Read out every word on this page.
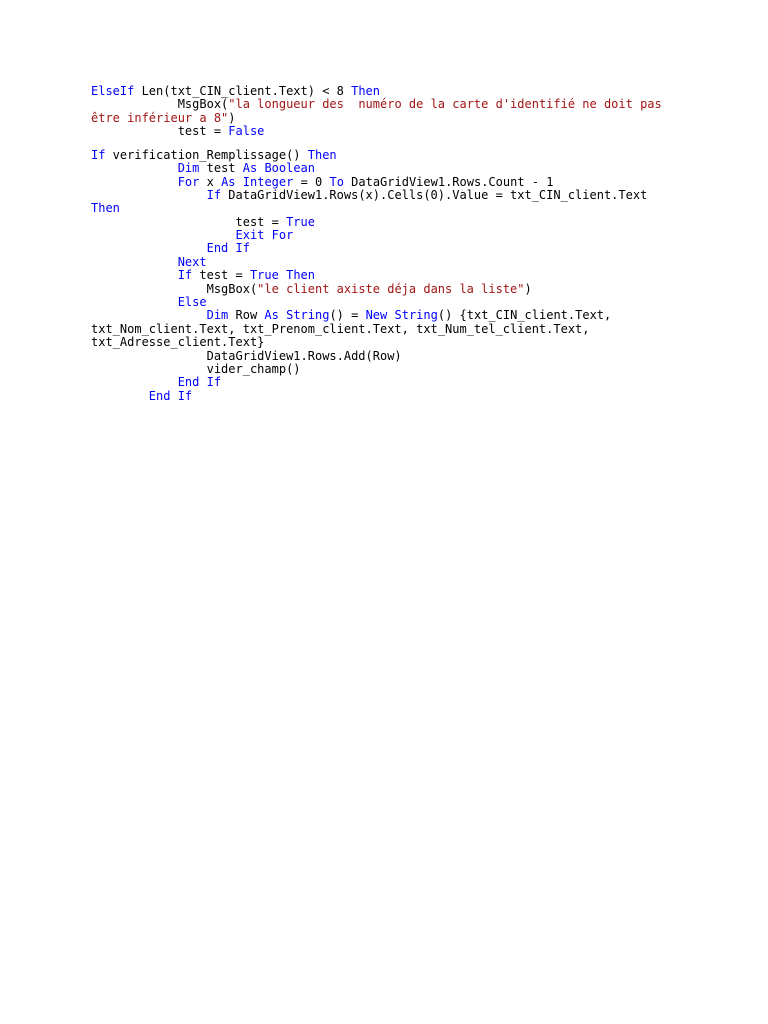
ElseIf Len(txt_CIN_client.Text) < 8 Then
MsgBox("la longueur des  numéro de la carte d'identifié ne doit pas
être inférieur a 8")
test = False
If verification_Remplissage() Then
Dim test As Boolean
For x As Integer = 0 To DataGridView1.Rows.Count - 1
If DataGridView1.Rows(x).Cells(0).Value = txt_CIN_client.Text
Then
test = True
Exit For
End If
Next
If test = True Then
MsgBox("le client axiste déja dans la liste")
Else
Dim Row As String() = New String() {txt_CIN_client.Text,
txt_Nom_client.Text, txt_Prenom_client.Text, txt_Num_tel_client.Text,
txt_Adresse_client.Text}
DataGridView1.Rows.Add(Row)
vider_champ()
End If
End If
